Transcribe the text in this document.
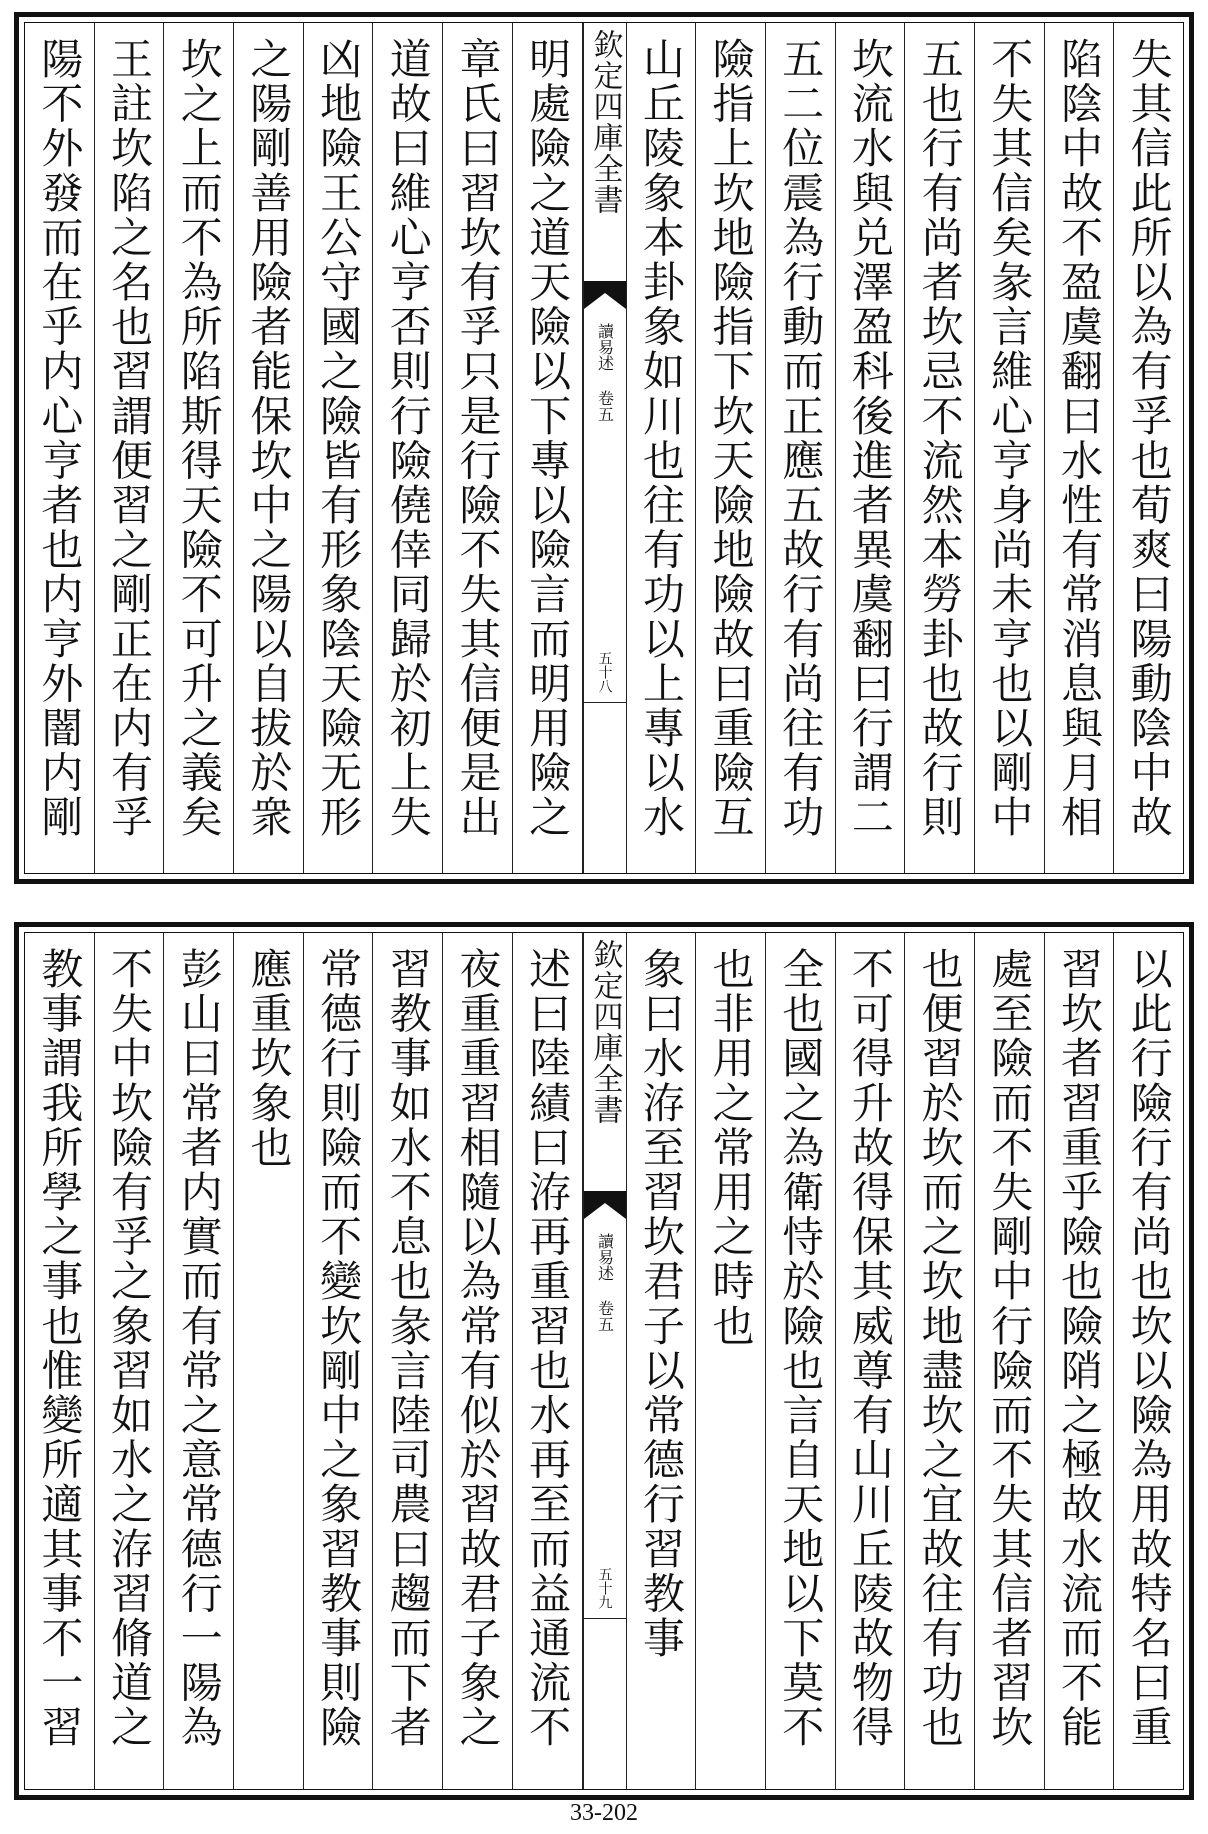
失其信此所以為有孚也荀爽曰陽動陰中故
陷陰中故不盈虞翻曰水性有常消息與月相
不失其信矣彖言維心亨身尚未亨也以剛中
五也行有尚者坎忌不流然本勞卦也故行則
坎流水與兑澤盈科後進者異虞翻曰行謂二
五二位震為行動而正應五故行有尚往有功
險指上坎地險指下坎天險地險故曰重險互
山丘陵象本卦象如川也往有功以上專以水
欽定四庫全書
讀易述 卷五
五十八
明處險之道天險以下專以險言而明用險之
章氏曰習坎有孚只是行險不失其信便是出
道故曰維心亨否則行險僥倖同歸於初上失
凶地險王公守國之險皆有形象陰天險无形
之陽剛善用險者能保坎中之陽以自拔於衆
坎之上而不為所陷斯得天險不可升之義矣
王註坎陷之名也習謂便習之剛正在内有孚
陽不外發而在乎内心亨者也内亨外闇内剛
以此行險行有尚也坎以險為用故特名曰重
習坎者習重乎險也險陗之極故水流而不能
處至險而不失剛中行險而不失其信者習坎
也便習於坎而之坎地盡坎之宜故往有功也
不可得升故得保其威尊有山川丘陵故物得
全也國之為衛恃於險也言自天地以下莫不
也非用之常用之時也
象曰水洊至習坎君子以常德行習教事
欽定四庫全書
讀易述 卷五
五十九
述曰陸績曰洊再重習也水再至而益通流不
夜重重習相隨以為常有似於習故君子象之
習教事如水不息也彖言陸司農曰趨而下者
常德行則險而不變坎剛中之象習教事則險
應重坎象也
彭山曰常者内實而有常之意常德行一陽為
不失中坎險有孚之象習如水之洊習脩道之
教事謂我所學之事也惟變所適其事不一習
33-202
